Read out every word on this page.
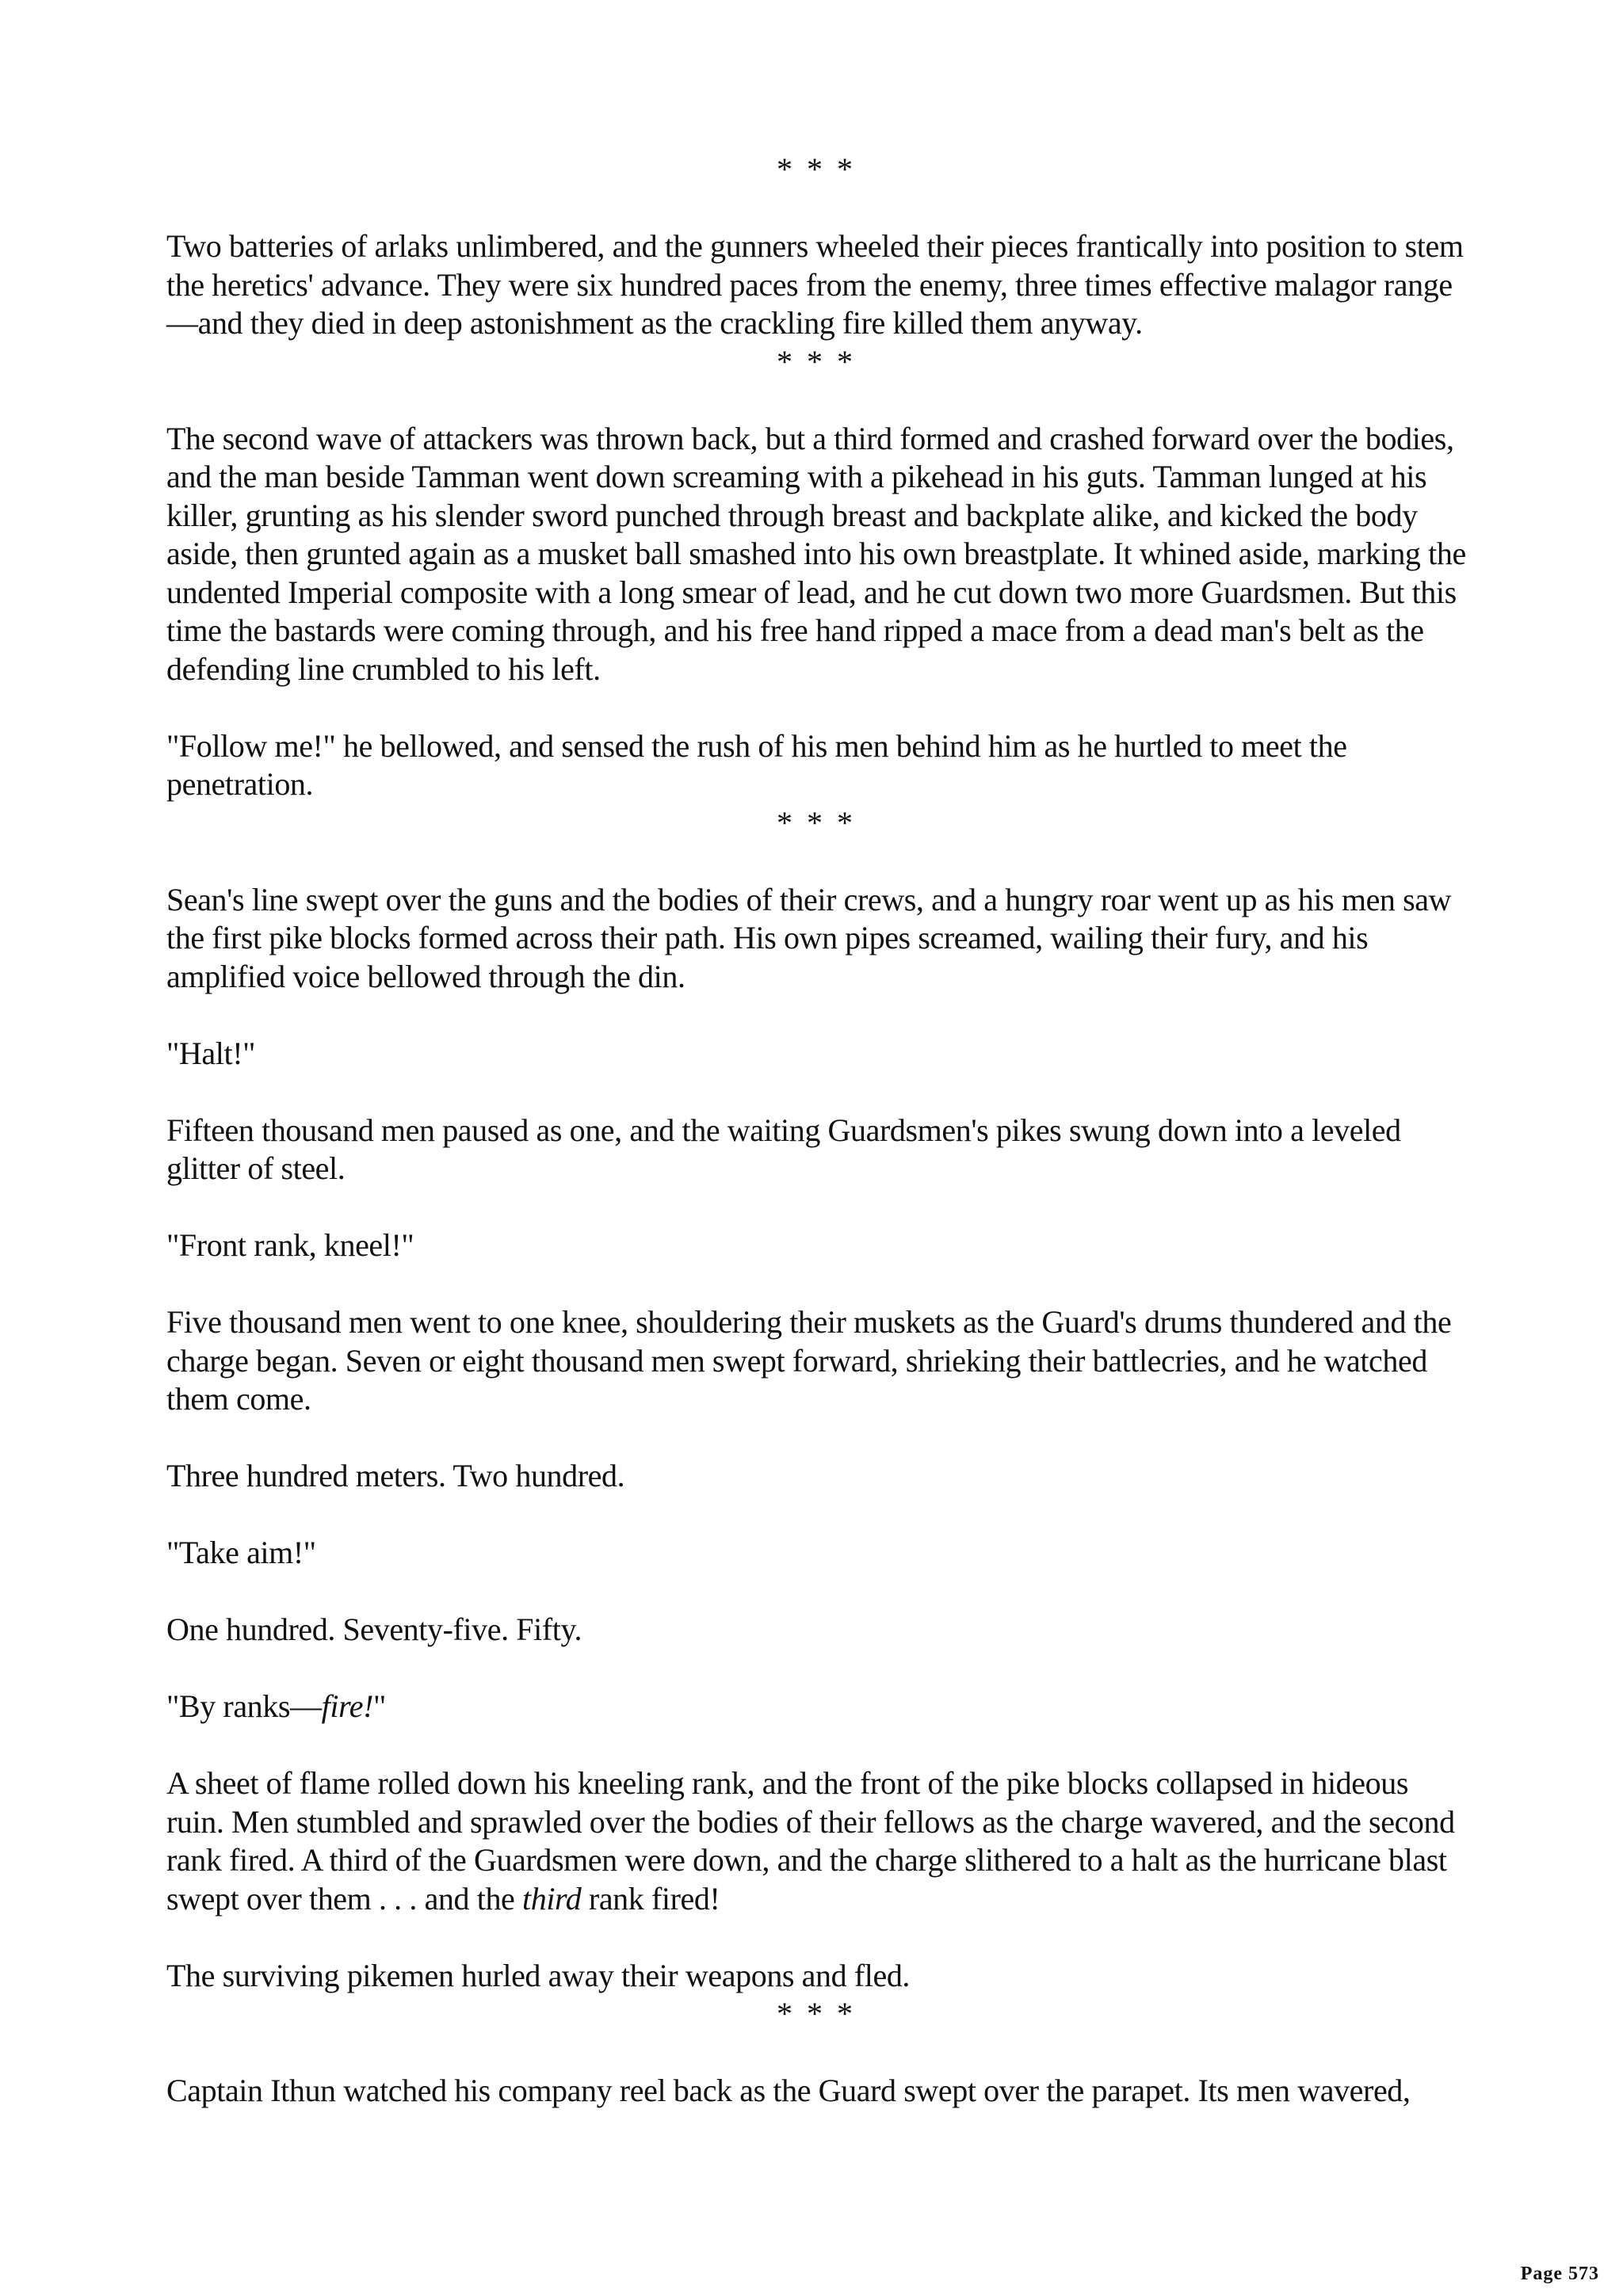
* * *

Two batteries of arlaks unlimbered, and the gunners wheeled their pieces frantically into position to stem the heretics' advance. They were six hundred paces from the enemy, three times effective malagor range—and they died in deep astonishment as the crackling fire killed them anyway.

* * *

The second wave of attackers was thrown back, but a third formed and crashed forward over the bodies, and the man beside Tamman went down screaming with a pikehead in his guts. Tamman lunged at his killer, grunting as his slender sword punched through breast and backplate alike, and kicked the body aside, then grunted again as a musket ball smashed into his own breastplate. It whined aside, marking the undented Imperial composite with a long smear of lead, and he cut down two more Guardsmen. But this time the bastards were coming through, and his free hand ripped a mace from a dead man's belt as the defending line crumbled to his left.

"Follow me!" he bellowed, and sensed the rush of his men behind him as he hurtled to meet the penetration.

* * *

Sean's line swept over the guns and the bodies of their crews, and a hungry roar went up as his men saw the first pike blocks formed across their path. His own pipes screamed, wailing their fury, and his amplified voice bellowed through the din.

"Halt!"

Fifteen thousand men paused as one, and the waiting Guardsmen's pikes swung down into a leveled glitter of steel.

"Front rank, kneel!"

Five thousand men went to one knee, shouldering their muskets as the Guard's drums thundered and the charge began. Seven or eight thousand men swept forward, shrieking their battlecries, and he watched them come.

Three hundred meters. Two hundred.

"Take aim!"

One hundred. Seventy-five. Fifty.

"By ranks—fire!"

A sheet of flame rolled down his kneeling rank, and the front of the pike blocks collapsed in hideous ruin. Men stumbled and sprawled over the bodies of their fellows as the charge wavered, and the second rank fired. A third of the Guardsmen were down, and the charge slithered to a halt as the hurricane blast swept over them . . . and the third rank fired!

The surviving pikemen hurled away their weapons and fled.

* * *

Captain Ithun watched his company reel back as the Guard swept over the parapet. Its men wavered,

Page 573
